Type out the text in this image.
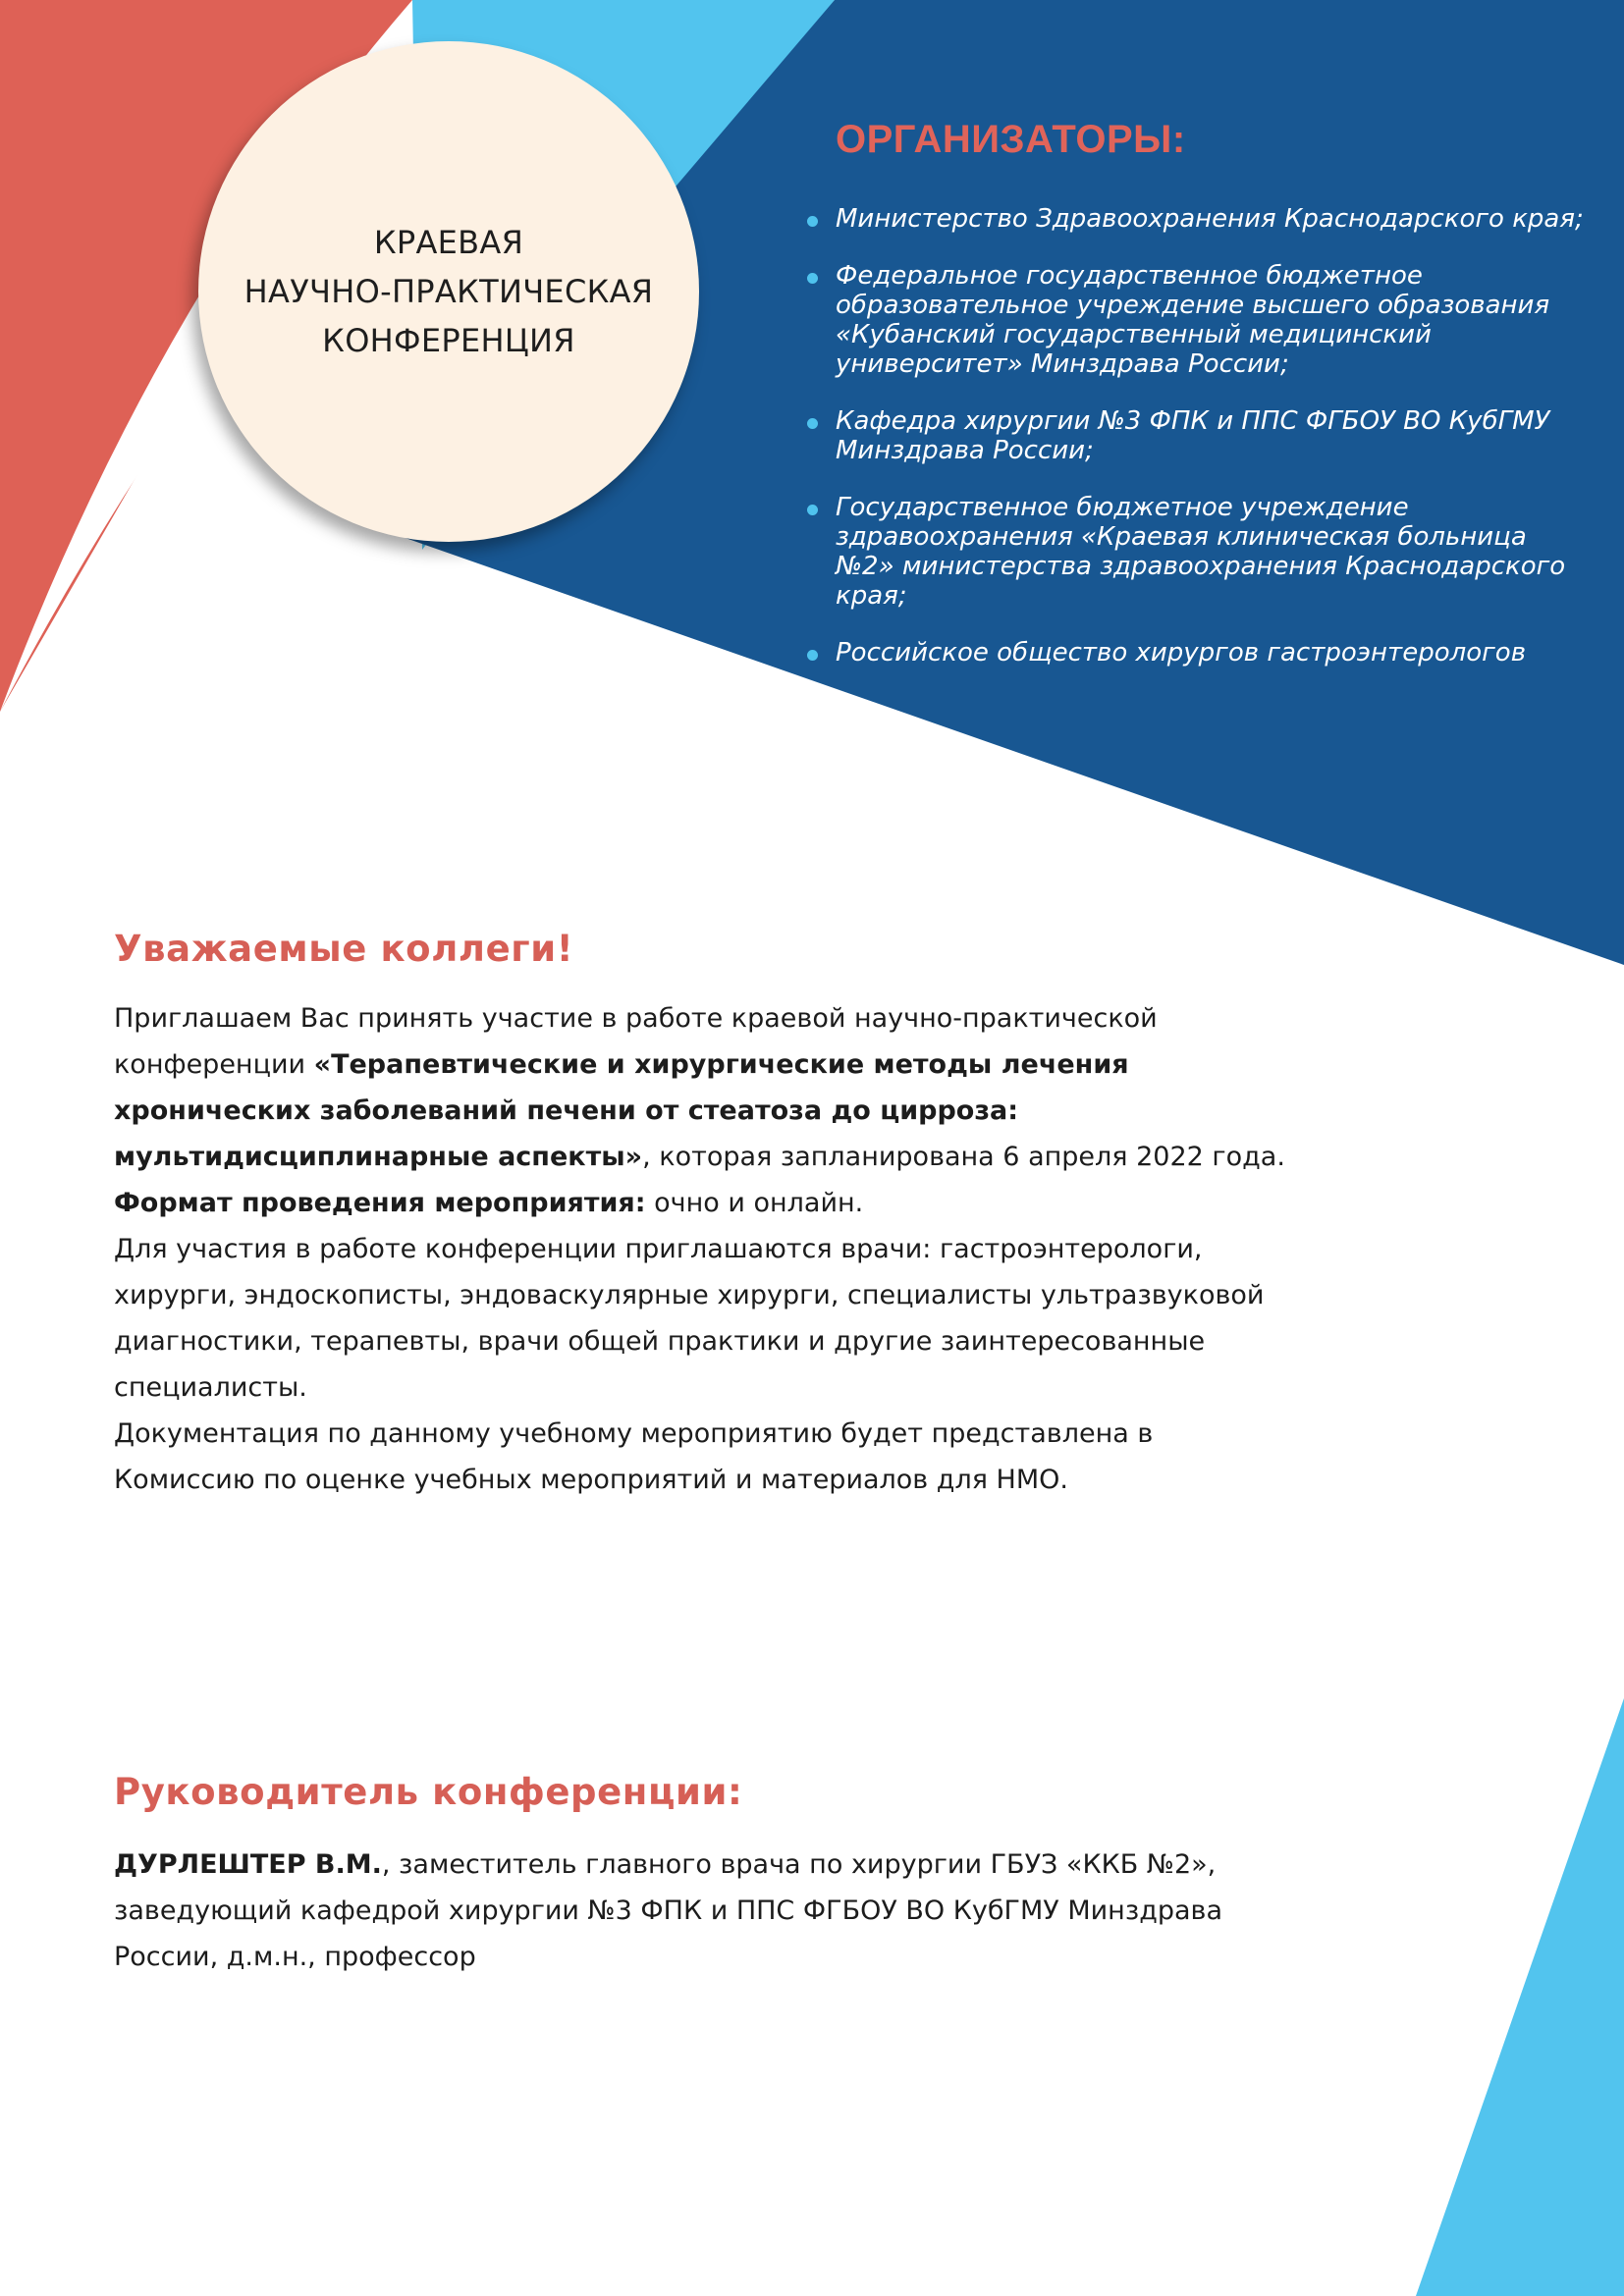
КРАЕВАЯ
НАУЧНО-ПРАКТИЧЕСКАЯ
КОНФЕРЕНЦИЯ
ОРГАНИЗАТОРЫ:
Министерство Здравоохранения Краснодарского края;
Федеральное государственное бюджетное образовательное учреждение высшего образования «Кубанский государственный медицинский университет» Минздрава России;
Кафедра хирургии №3 ФПК и ППС ФГБОУ ВО КубГМУ Минздрава России;
Государственное бюджетное учреждение здравоохранения «Краевая клиническая больница №2» министерства здравоохранения Краснодарского края;
Российское общество хирургов гастроэнтерологов
Уважаемые коллеги!

Приглашаем Вас принять участие в работе краевой научно-практической конференции «Терапевтические и хирургические методы лечения хронических заболеваний печени от стеатоза до цирроза: мультидисциплинарные аспекты», которая запланирована 6 апреля 2022 года.

Формат проведения мероприятия: очно и онлайн.

Для участия в работе конференции приглашаются врачи: гастроэнтерологи, хирурги, эндоскописты, эндоваскулярные хирурги, специалисты ультразвуковой диагностики, терапевты, врачи общей практики и другие заинтересованные специалисты.

Документация по данному учебному мероприятию будет представлена в Комиссию по оценке учебных мероприятий и материалов для НМО.

Руководитель конференции:

ДУРЛЕШТЕР В.М., заместитель главного врача по хирургии ГБУЗ «ККБ №2», заведующий кафедрой хирургии №3 ФПК и ППС ФГБОУ ВО КубГМУ Минздрава России, д.м.н., профессор
